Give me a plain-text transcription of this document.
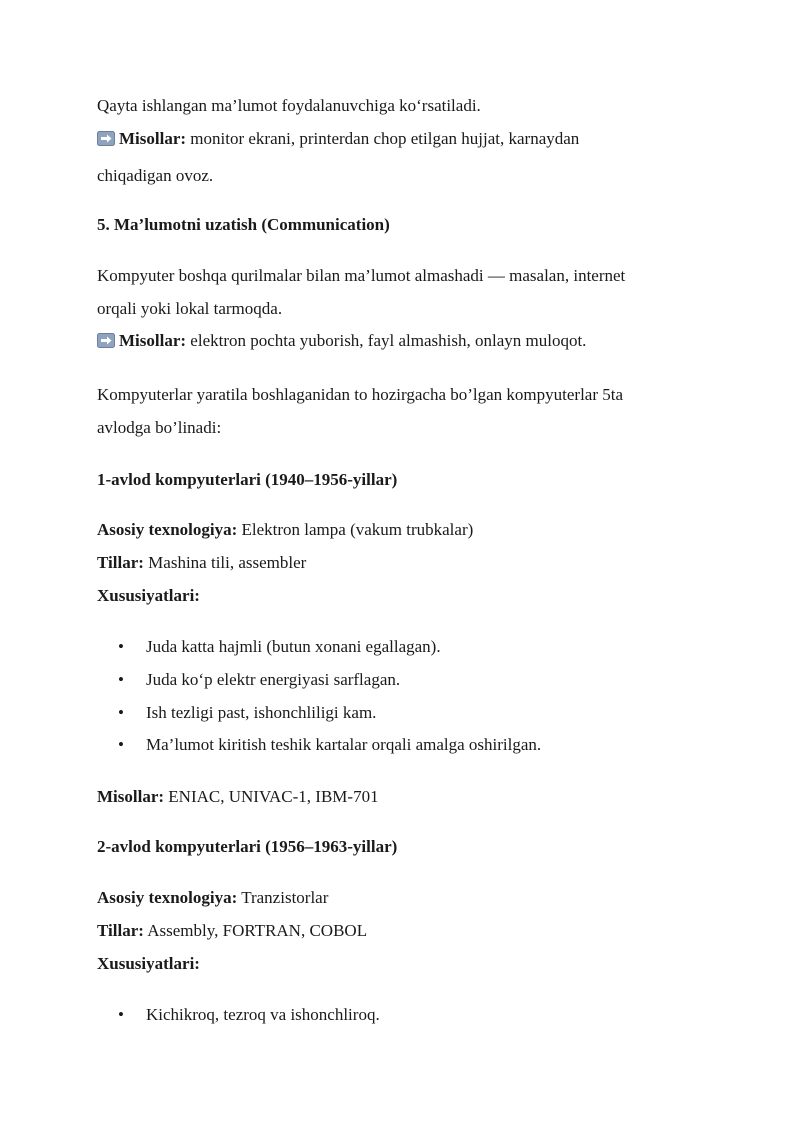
Qayta ishlangan ma’lumot foydalanuvchiga ko‘rsatiladi.
Misollar: monitor ekrani, printerdan chop etilgan hujjat, karnaydan
chiqadigan ovoz.
5. Ma’lumotni uzatish (Communication)
Kompyuter boshqa qurilmalar bilan ma’lumot almashadi — masalan, internet
orqali yoki lokal tarmoqda.
Misollar: elektron pochta yuborish, fayl almashish, onlayn muloqot.
Kompyuterlar yaratila boshlaganidan to hozirgacha bo’lgan kompyuterlar 5ta
avlodga bo’linadi:
1-avlod kompyuterlari (1940–1956-yillar)
Asosiy texnologiya: Elektron lampa (vakum trubkalar)
Tillar: Mashina tili, assembler
Xususiyatlari:
• Juda katta hajmli (butun xonani egallagan).
• Juda ko‘p elektr energiyasi sarflagan.
• Ish tezligi past, ishonchliligi kam.
• Ma’lumot kiritish teshik kartalar orqali amalga oshirilgan.
Misollar: ENIAC, UNIVAC-1, IBM-701
2-avlod kompyuterlari (1956–1963-yillar)
Asosiy texnologiya: Tranzistorlar
Tillar: Assembly, FORTRAN, COBOL
Xususiyatlari:
• Kichikroq, tezroq va ishonchliroq.
